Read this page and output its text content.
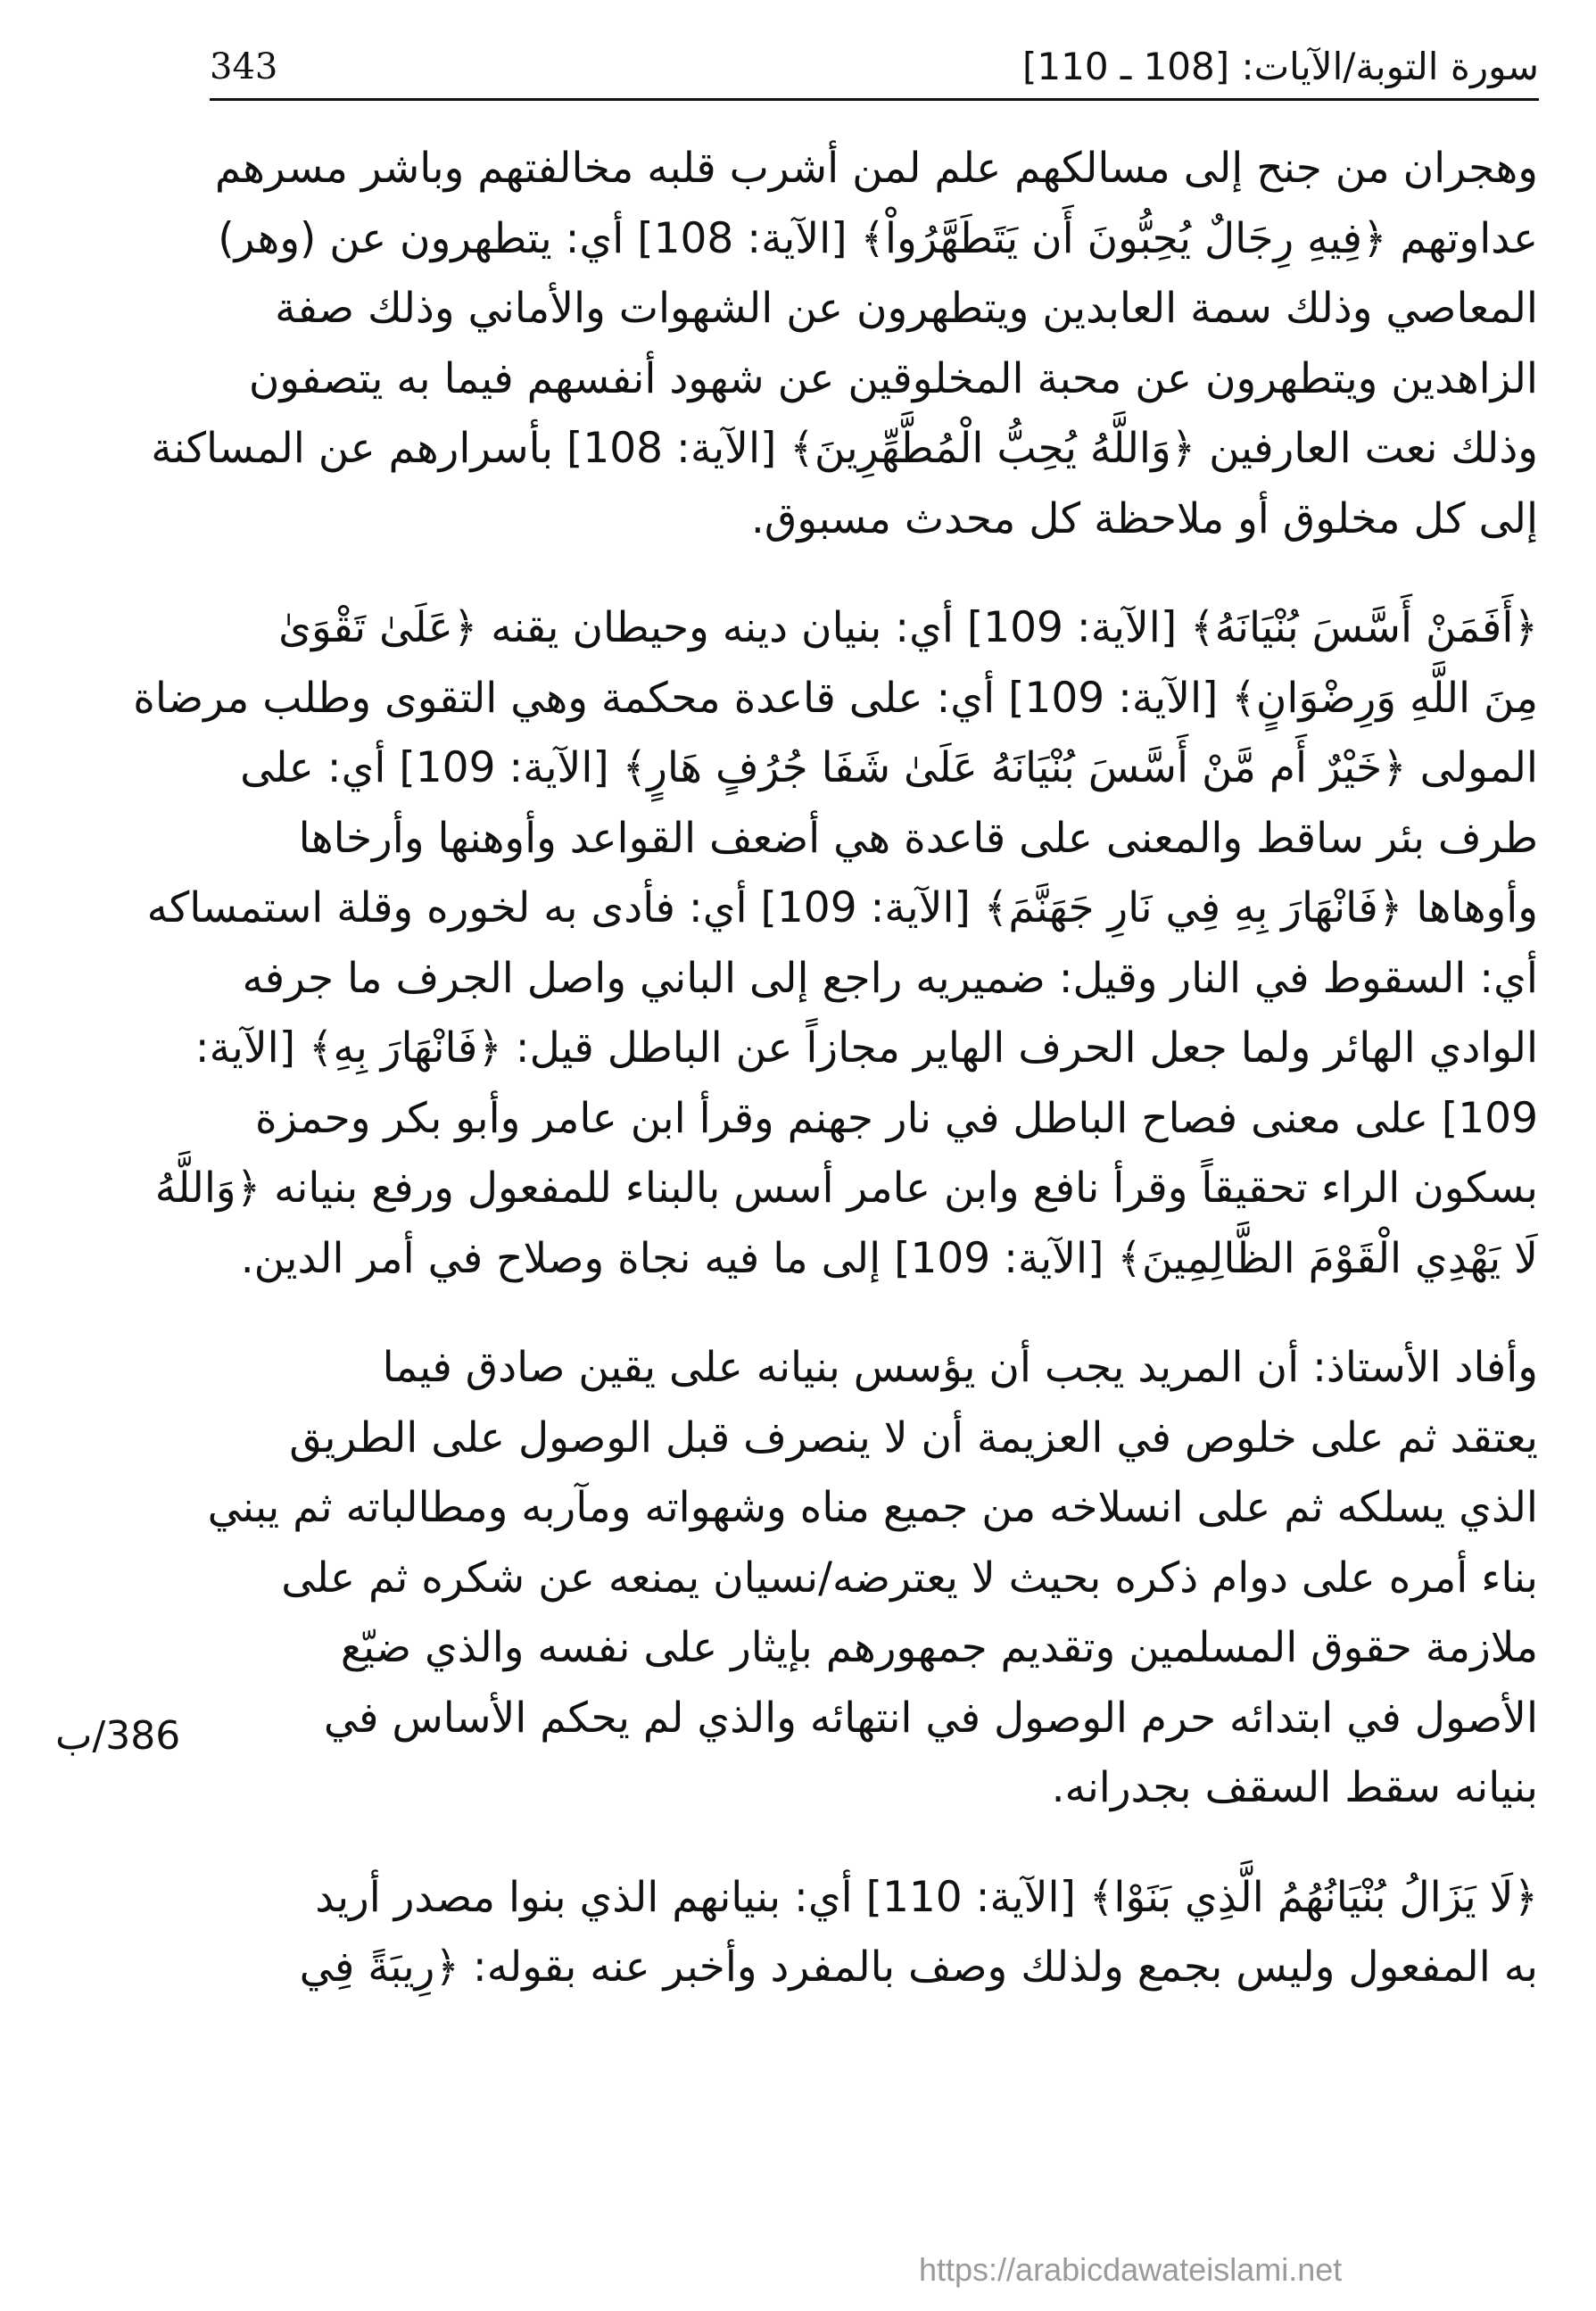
343	سورة التوبة/الآيات: [108 ـ 110]
وهجران من جنح إلى مسالكهم علم لمن أشرب قلبه مخالفتهم وباشر مسرهم
عداوتهم ﴿فِيهِ رِجَالٌ يُحِبُّونَ أَن يَتَطَهَّرُواْ﴾ [الآية: 108] أي: يتطهرون عن (وهر)
المعاصي وذلك سمة العابدين ويتطهرون عن الشهوات والأماني وذلك صفة
الزاهدين ويتطهرون عن محبة المخلوقين عن شهود أنفسهم فيما به يتصفون
وذلك نعت العارفين ﴿وَاللَّهُ يُحِبُّ الْمُطَّهِّرِينَ﴾ [الآية: 108] بأسرارهم عن المساكنة
إلى كل مخلوق أو ملاحظة كل محدث مسبوق.
﴿أَفَمَنْ أَسَّسَ بُنْيَانَهُ﴾ [الآية: 109] أي: بنيان دينه وحيطان يقنه ﴿عَلَىٰ تَقْوَىٰ
مِنَ اللَّهِ وَرِضْوَانٍ﴾ [الآية: 109] أي: على قاعدة محكمة وهي التقوى وطلب مرضاة
المولى ﴿خَيْرٌ أَم مَّنْ أَسَّسَ بُنْيَانَهُ عَلَىٰ شَفَا جُرُفٍ هَارٍ﴾ [الآية: 109] أي: على
طرف بئر ساقط والمعنى على قاعدة هي أضعف القواعد وأوهنها وأرخاها
وأوهاها ﴿فَانْهَارَ بِهِ فِي نَارِ جَهَنَّمَ﴾ [الآية: 109] أي: فأدى به لخوره وقلة استمساكه
أي: السقوط في النار وقيل: ضميريه راجع إلى الباني واصل الجرف ما جرفه
الوادي الهائر ولما جعل الحرف الهاير مجازاً عن الباطل قيل: ﴿فَانْهَارَ بِهِ﴾ [الآية:
109] على معنى فصاح الباطل في نار جهنم وقرأ ابن عامر وأبو بكر وحمزة
بسكون الراء تحقيقاً وقرأ نافع وابن عامر أسس بالبناء للمفعول ورفع بنيانه ﴿وَاللَّهُ
لَا يَهْدِي الْقَوْمَ الظَّالِمِينَ﴾ [الآية: 109] إلى ما فيه نجاة وصلاح في أمر الدين.
وأفاد الأستاذ: أن المريد يجب أن يؤسس بنيانه على يقين صادق فيما
يعتقد ثم على خلوص في العزيمة أن لا ينصرف قبل الوصول على الطريق
الذي يسلكه ثم على انسلاخه من جميع مناه وشهواته ومآربه ومطالباته ثم يبني
بناء أمره على دوام ذكره بحيث لا يعترضه/نسيان يمنعه عن شكره ثم على
ملازمة حقوق المسلمين وتقديم جمهورهم بإيثار على نفسه والذي ضيّع
الأصول في ابتدائه حرم الوصول في انتهائه والذي لم يحكم الأساس في
بنيانه سقط السقف بجدرانه.
﴿لَا يَزَالُ بُنْيَانُهُمُ الَّذِي بَنَوْا﴾ [الآية: 110] أي: بنيانهم الذي بنوا مصدر أريد
به المفعول وليس بجمع ولذلك وصف بالمفرد وأخبر عنه بقوله: ﴿رِيبَةً فِي
386/ب
https://arabicdawateislami.net
